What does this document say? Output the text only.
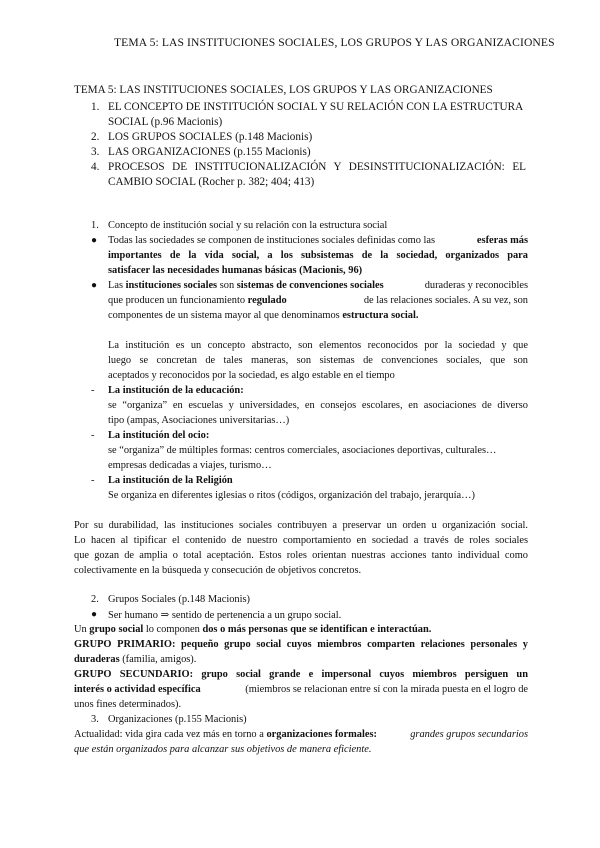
TEMA 5: LAS INSTITUCIONES SOCIALES, LOS GRUPOS Y LAS ORGANIZACIONES
TEMA 5: LAS INSTITUCIONES SOCIALES, LOS GRUPOS Y LAS ORGANIZACIONES
1. EL CONCEPTO DE INSTITUCIÓN SOCIAL Y SU RELACIÓN CON LA ESTRUCTURA
SOCIAL (p.96 Macionis)
2. LOS GRUPOS SOCIALES (p.148 Macionis)
3. LAS ORGANIZACIONES (p.155 Macionis)
4. PROCESOS DE INSTITUCIONALIZACIÓN Y DESINSTITUCIONALIZACIÓN: EL
CAMBIO SOCIAL (Rocher p. 382; 404; 413)
1. Concepto de institución social y su relación con la estructura social
● Todas las sociedades se componen de instituciones sociales definidas como las	esferas más
importantes de la vida social, a los subsistemas de la sociedad, organizados para
satisfacer las necesidades humanas básicas (Macionis, 96)
● Las instituciones sociales son sistemas de convenciones sociales	duraderas y reconocibles
que producen un funcionamiento regulado	de las relaciones sociales. A su vez, son
componentes de un sistema mayor al que denominamos estructura social.
La institución es un concepto abstracto, son elementos reconocidos por la sociedad y que
luego se concretan de tales maneras, son sistemas de convenciones sociales, que son
aceptados y reconocidos por la sociedad, es algo estable en el tiempo
- La institución de la educación:
se “organiza” en escuelas y universidades, en consejos escolares, en asociaciones de diverso
tipo (ampas, Asociaciones universitarias…)
- La institución del ocio:
se “organiza” de múltiples formas: centros comerciales, asociaciones deportivas, culturales…
empresas dedicadas a viajes, turismo…
- La institución de la Religión
Se organiza en diferentes iglesias o ritos (códigos, organización del trabajo, jerarquía…)
Por su durabilidad, las instituciones sociales contribuyen a preservar un orden u organización social.
Lo hacen al tipificar el contenido de nuestro comportamiento en sociedad a través de roles sociales
que gozan de amplia o total aceptación. Estos roles orientan nuestras acciones tanto individual como
colectivamente en la búsqueda y consecución de objetivos concretos.
2. Grupos Sociales (p.148 Macionis)
● Ser humano ⇒ sentido de pertenencia a un grupo social.
Un grupo social lo componen dos o más personas que se identifican e interactúan.
GRUPO PRIMARIO: pequeño grupo social cuyos miembros comparten relaciones personales y
duraderas (familia, amigos).
GRUPO SECUNDARIO: grupo social grande e impersonal cuyos miembros persiguen un
interés o actividad específica	(miembros se relacionan entre sí con la mirada puesta en el logro de
unos fines determinados).
3. Organizaciones (p.155 Macionis)
Actualidad: vida gira cada vez más en torno a organizaciones formales:	grandes grupos secundarios
que están organizados para alcanzar sus objetivos de manera eficiente.
